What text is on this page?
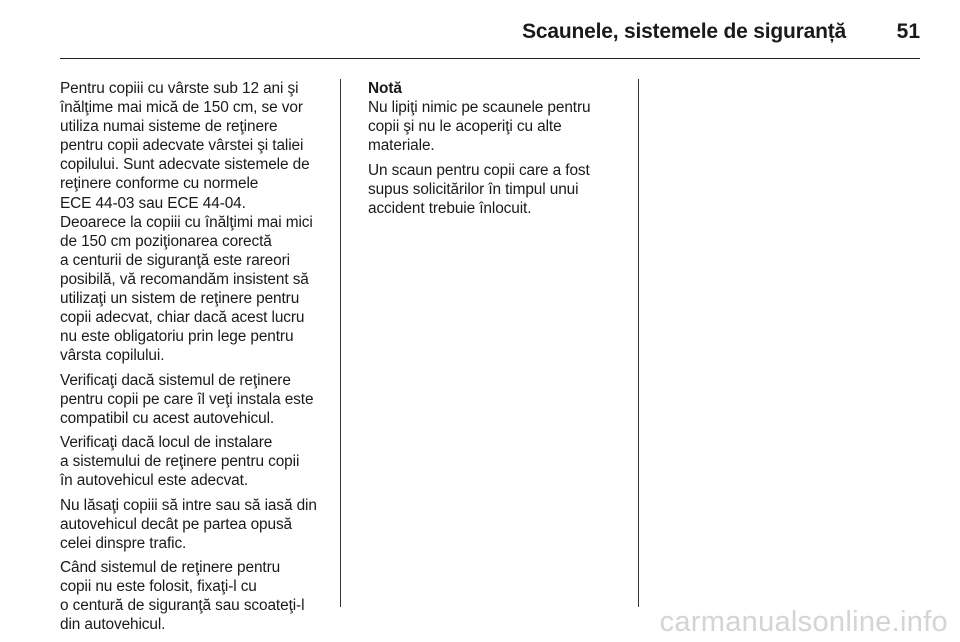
Scaunele, sistemele de siguranță 51

Pentru copiii cu vârste sub 12 ani şi
înălţime mai mică de 150 cm, se vor
utiliza numai sisteme de reţinere
pentru copii adecvate vârstei şi taliei
copilului. Sunt adecvate sistemele de
reţinere conforme cu normele
ECE 44-03 sau ECE 44-04.
Deoarece la copiii cu înălţimi mai mici
de 150 cm poziţionarea corectă
a centurii de siguranţă este rareori
posibilă, vă recomandăm insistent să
utilizaţi un sistem de reţinere pentru
copii adecvat, chiar dacă acest lucru
nu este obligatoriu prin lege pentru
vârsta copilului.

Verificaţi dacă sistemul de reţinere
pentru copii pe care îl veţi instala este
compatibil cu acest autovehicul.

Verificaţi dacă locul de instalare
a sistemului de reţinere pentru copii
în autovehicul este adecvat.

Nu lăsaţi copiii să intre sau să iasă din
autovehicul decât pe partea opusă
celei dinspre trafic.

Când sistemul de reţinere pentru
copii nu este folosit, fixaţi-l cu
o centură de siguranţă sau scoateţi-l
din autovehicul.

Notă
Nu lipiţi nimic pe scaunele pentru
copii şi nu le acoperiţi cu alte
materiale.

Un scaun pentru copii care a fost
supus solicitărilor în timpul unui
accident trebuie înlocuit.

carmanualsonline.info
